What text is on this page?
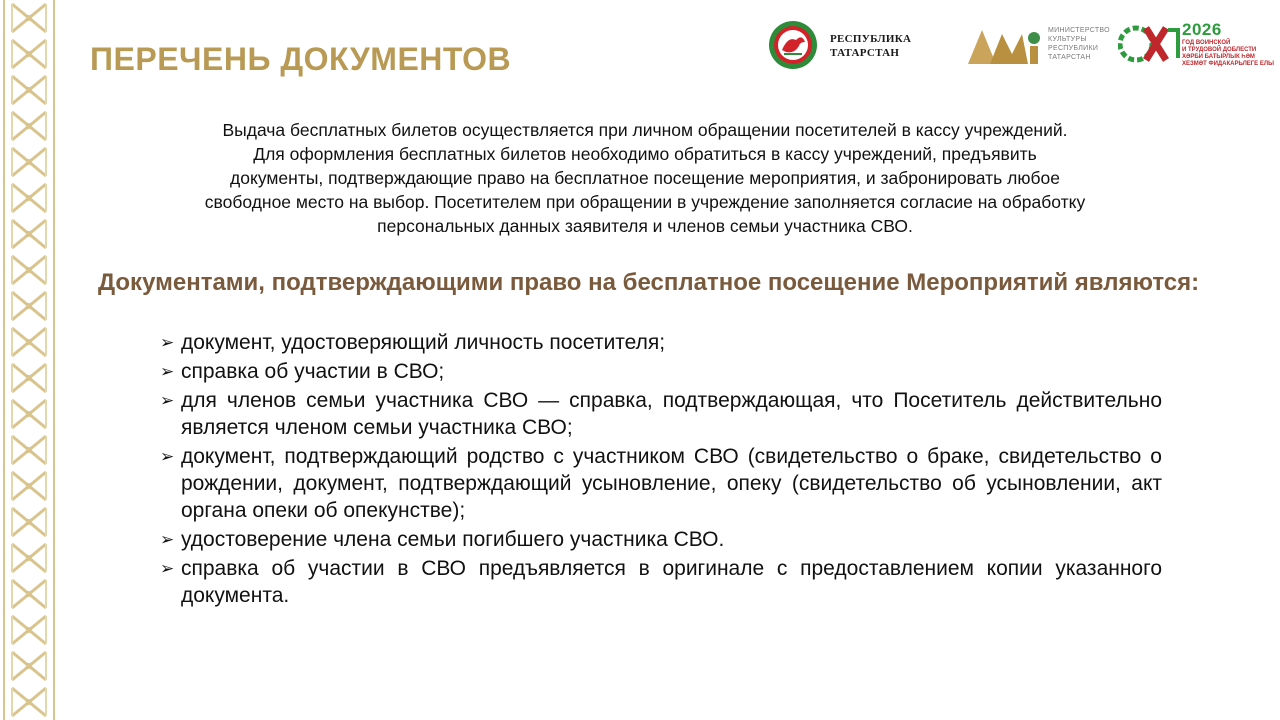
ПЕРЕЧЕНЬ ДОКУМЕНТОВ
РЕСПУБЛИКА
ТАТАРСТАН
МИНИСТЕРСТВО
КУЛЬТУРЫ
РЕСПУБЛИКИ
ТАТАРСТАН
2026
ГОД ВОИНСКОЙ
И ТРУДОВОЙ ДОБЛЕСТИ
ХӘРБИ БАТЫРЛЫК ҺӘМ
ХЕЗМӘТ ФИДАКАРЬЛЕГЕ ЕЛЫ

Выдача бесплатных билетов осуществляется при личном обращении посетителей в кассу учреждений.
Для оформления бесплатных билетов необходимо обратиться в кассу учреждений, предъявить
документы, подтверждающие право на бесплатное посещение мероприятия, и забронировать любое
свободное место на выбор. Посетителем при обращении в учреждение заполняется согласие на обработку
персональных данных заявителя и членов семьи участника СВО.

Документами, подтверждающими право на бесплатное посещение Мероприятий являются:
➢ документ, удостоверяющий личность посетителя;
➢ справка об участии в СВО;
➢ для членов семьи участника СВО — справка, подтверждающая, что Посетитель действительно является членом семьи участника СВО;
➢ документ, подтверждающий родство с участником СВО (свидетельство о браке, свидетельство о рождении, документ, подтверждающий усыновление, опеку (свидетельство об усыновлении, акт органа опеки об опекунстве);
➢ удостоверение члена семьи погибшего участника СВО.
➢ справка об участии в СВО предъявляется в оригинале с предоставлением копии указанного документа.
